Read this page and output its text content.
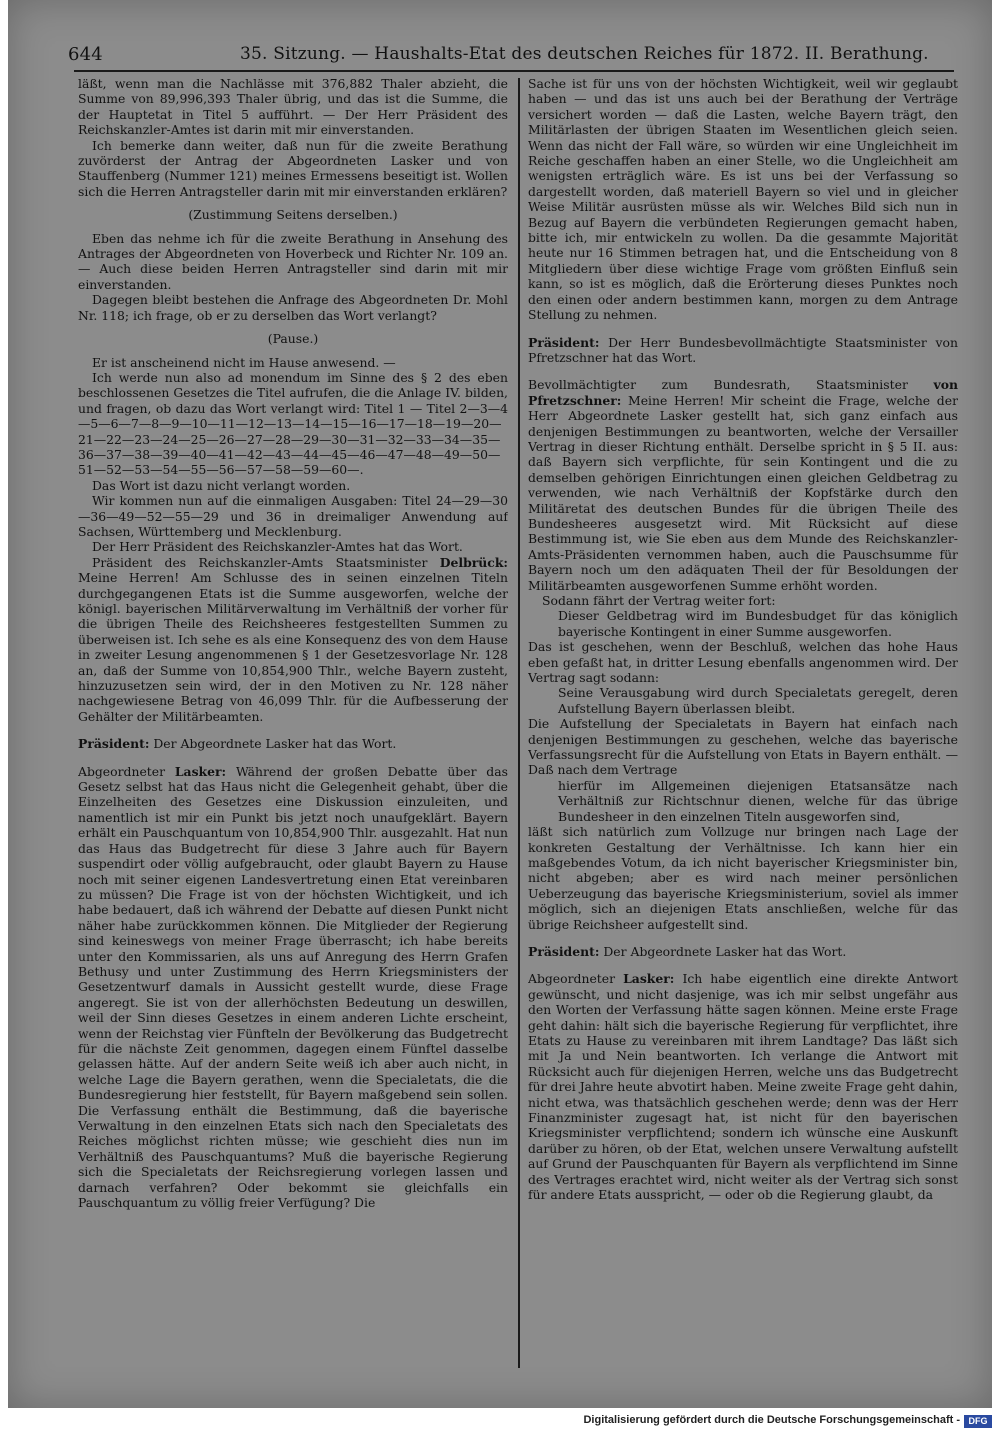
644	35. Sitzung. — Haushalts-Etat des deutschen Reiches für 1872. II. Berathung.

läßt, wenn man die Nachlässe mit 376,882 Thaler abzieht, die Summe von 89,996,393 Thaler übrig, und das ist die Summe, die der Hauptetat in Titel 5 aufführt. — Der Herr Präsident des Reichskanzler-Amtes ist darin mit mir einverstanden.

Ich bemerke dann weiter, daß nun für die zweite Berathung zuvörderst der Antrag der Abgeordneten Lasker und von Stauffenberg (Nummer 121) meines Ermessens beseitigt ist. Wollen sich die Herren Antragsteller darin mit mir einverstanden erklären?

(Zustimmung Seitens derselben.)

Eben das nehme ich für die zweite Berathung in Ansehung des Antrages der Abgeordneten von Hoverbeck und Richter Nr. 109 an. — Auch diese beiden Herren Antragsteller sind darin mit mir einverstanden.

Dagegen bleibt bestehen die Anfrage des Abgeordneten Dr. Mohl Nr. 118; ich frage, ob er zu derselben das Wort verlangt?

(Pause.)

Er ist anscheinend nicht im Hause anwesend. —

Ich werde nun also ad monendum im Sinne des § 2 des eben beschlossenen Gesetzes die Titel aufrufen, die die Anlage IV. bilden, und fragen, ob dazu das Wort verlangt wird: Titel 1 — Titel 2—3—4—5—6—7—8—9—10—11—12—13—14—15—16—17—18—19—20—21—22—23—24—25—26—27—28—29—30—31—32—33—34—35—36—37—38—39—40—41—42—43—44—45—46—47—48—49—50—51—52—53—54—55—56—57—58—59—60—.

Das Wort ist dazu nicht verlangt worden.

Wir kommen nun auf die einmaligen Ausgaben: Titel 24—29—30—36—49—52—55—29 und 36 in dreimaliger Anwendung auf Sachsen, Württemberg und Mecklenburg.

Der Herr Präsident des Reichskanzler-Amtes hat das Wort.

Präsident des Reichskanzler-Amts Staatsminister Delbrück: Meine Herren! Am Schlusse des in seinen einzelnen Titeln durchgegangenen Etats ist die Summe ausgeworfen, welche der königl. bayerischen Militärverwaltung im Verhältniß der vorher für die übrigen Theile des Reichsheeres festgestellten Summen zu überweisen ist. Ich sehe es als eine Konsequenz des von dem Hause in zweiter Lesung angenommenen § 1 der Gesetzesvorlage Nr. 128 an, daß der Summe von 10,854,900 Thlr., welche Bayern zusteht, hinzuzusetzen sein wird, der in den Motiven zu Nr. 128 näher nachgewiesene Betrag von 46,099 Thlr. für die Aufbesserung der Gehälter der Militärbeamten.

Präsident: Der Abgeordnete Lasker hat das Wort.

Abgeordneter Lasker: Während der großen Debatte über das Gesetz selbst hat das Haus nicht die Gelegenheit gehabt, über die Einzelheiten des Gesetzes eine Diskussion einzuleiten, und namentlich ist mir ein Punkt bis jetzt noch unaufgeklärt. Bayern erhält ein Pauschquantum von 10,854,900 Thlr. ausgezahlt. Hat nun das Haus das Budgetrecht für diese 3 Jahre auch für Bayern suspendirt oder völlig aufgebraucht, oder glaubt Bayern zu Hause noch mit seiner eigenen Landesvertretung einen Etat vereinbaren zu müssen? Die Frage ist von der höchsten Wichtigkeit, und ich habe bedauert, daß ich während der Debatte auf diesen Punkt nicht näher habe zurückkommen können. Die Mitglieder der Regierung sind keineswegs von meiner Frage überrascht; ich habe bereits unter den Kommissarien, als uns auf Anregung des Herrn Grafen Bethusy und unter Zustimmung des Herrn Kriegsministers der Gesetzentwurf damals in Aussicht gestellt wurde, diese Frage angeregt. Sie ist von der allerhöchsten Bedeutung un deswillen, weil der Sinn dieses Gesetzes in einem anderen Lichte erscheint, wenn der Reichstag vier Fünfteln der Bevölkerung das Budgetrecht für die nächste Zeit genommen, dagegen einem Fünftel dasselbe gelassen hätte. Auf der andern Seite weiß ich aber auch nicht, in welche Lage die Bayern gerathen, wenn die Specialetats, die die Bundesregierung hier feststellt, für Bayern maßgebend sein sollen. Die Verfassung enthält die Bestimmung, daß die bayerische Verwaltung in den einzelnen Etats sich nach den Specialetats des Reiches möglichst richten müsse; wie geschieht dies nun im Verhältniß des Pauschquantums? Muß die bayerische Regierung sich die Specialetats der Reichsregierung vorlegen lassen und darnach verfahren? Oder bekommt sie gleichfalls ein Pauschquantum zu völlig freier Verfügung? Die

Sache ist für uns von der höchsten Wichtigkeit, weil wir geglaubt haben — und das ist uns auch bei der Berathung der Verträge versichert worden — daß die Lasten, welche Bayern trägt, den Militärlasten der übrigen Staaten im Wesentlichen gleich seien. Wenn das nicht der Fall wäre, so würden wir eine Ungleichheit im Reiche geschaffen haben an einer Stelle, wo die Ungleichheit am wenigsten erträglich wäre. Es ist uns bei der Verfassung so dargestellt worden, daß materiell Bayern so viel und in gleicher Weise Militär ausrüsten müsse als wir. Welches Bild sich nun in Bezug auf Bayern die verbündeten Regierungen gemacht haben, bitte ich, mir entwickeln zu wollen. Da die gesammte Majorität heute nur 16 Stimmen betragen hat, und die Entscheidung von 8 Mitgliedern über diese wichtige Frage vom größten Einfluß sein kann, so ist es möglich, daß die Erörterung dieses Punktes noch den einen oder andern bestimmen kann, morgen zu dem Antrage Stellung zu nehmen.

Präsident: Der Herr Bundesbevollmächtigte Staatsminister von Pfretzschner hat das Wort.

Bevollmächtigter zum Bundesrath, Staatsminister von Pfretzschner: Meine Herren! Mir scheint die Frage, welche der Herr Abgeordnete Lasker gestellt hat, sich ganz einfach aus denjenigen Bestimmungen zu beantworten, welche der Versailler Vertrag in dieser Richtung enthält. Derselbe spricht in § 5 II. aus: daß Bayern sich verpflichte, für sein Kontingent und die zu demselben gehörigen Einrichtungen einen gleichen Geldbetrag zu verwenden, wie nach Verhältniß der Kopfstärke durch den Militäretat des deutschen Bundes für die übrigen Theile des Bundesheeres ausgesetzt wird. Mit Rücksicht auf diese Bestimmung ist, wie Sie eben aus dem Munde des Reichskanzler-Amts-Präsidenten vernommen haben, auch die Pauschsumme für Bayern noch um den adäquaten Theil der für Besoldungen der Militärbeamten ausgeworfenen Summe erhöht worden.

Sodann fährt der Vertrag weiter fort:

Dieser Geldbetrag wird im Bundesbudget für das königlich bayerische Kontingent in einer Summe ausgeworfen.

Das ist geschehen, wenn der Beschluß, welchen das hohe Haus eben gefaßt hat, in dritter Lesung ebenfalls angenommen wird. Der Vertrag sagt sodann:

Seine Verausgabung wird durch Specialetats geregelt, deren Aufstellung Bayern überlassen bleibt.

Die Aufstellung der Specialetats in Bayern hat einfach nach denjenigen Bestimmungen zu geschehen, welche das bayerische Verfassungsrecht für die Aufstellung von Etats in Bayern enthält. — Daß nach dem Vertrage

hierfür im Allgemeinen diejenigen Etatsansätze nach Verhältniß zur Richtschnur dienen, welche für das übrige Bundesheer in den einzelnen Titeln ausgeworfen sind,

läßt sich natürlich zum Vollzuge nur bringen nach Lage der konkreten Gestaltung der Verhältnisse. Ich kann hier ein maßgebendes Votum, da ich nicht bayerischer Kriegsminister bin, nicht abgeben; aber es wird nach meiner persönlichen Ueberzeugung das bayerische Kriegsministerium, soviel als immer möglich, sich an diejenigen Etats anschließen, welche für das übrige Reichsheer aufgestellt sind.

Präsident: Der Abgeordnete Lasker hat das Wort.

Abgeordneter Lasker: Ich habe eigentlich eine direkte Antwort gewünscht, und nicht dasjenige, was ich mir selbst ungefähr aus den Worten der Verfassung hätte sagen können. Meine erste Frage geht dahin: hält sich die bayerische Regierung für verpflichtet, ihre Etats zu Hause zu vereinbaren mit ihrem Landtage? Das läßt sich mit Ja und Nein beantworten. Ich verlange die Antwort mit Rücksicht auch für diejenigen Herren, welche uns das Budgetrecht für drei Jahre heute abvotirt haben. Meine zweite Frage geht dahin, nicht etwa, was thatsächlich geschehen werde; denn was der Herr Finanzminister zugesagt hat, ist nicht für den bayerischen Kriegsminister verpflichtend; sondern ich wünsche eine Auskunft darüber zu hören, ob der Etat, welchen unsere Verwaltung aufstellt auf Grund der Pauschquanten für Bayern als verpflichtend im Sinne des Vertrages erachtet wird, nicht weiter als der Vertrag sich sonst für andere Etats ausspricht, — oder ob die Regierung glaubt, da

Digitalisierung gefördert durch die Deutsche Forschungsgemeinschaft - DFG
